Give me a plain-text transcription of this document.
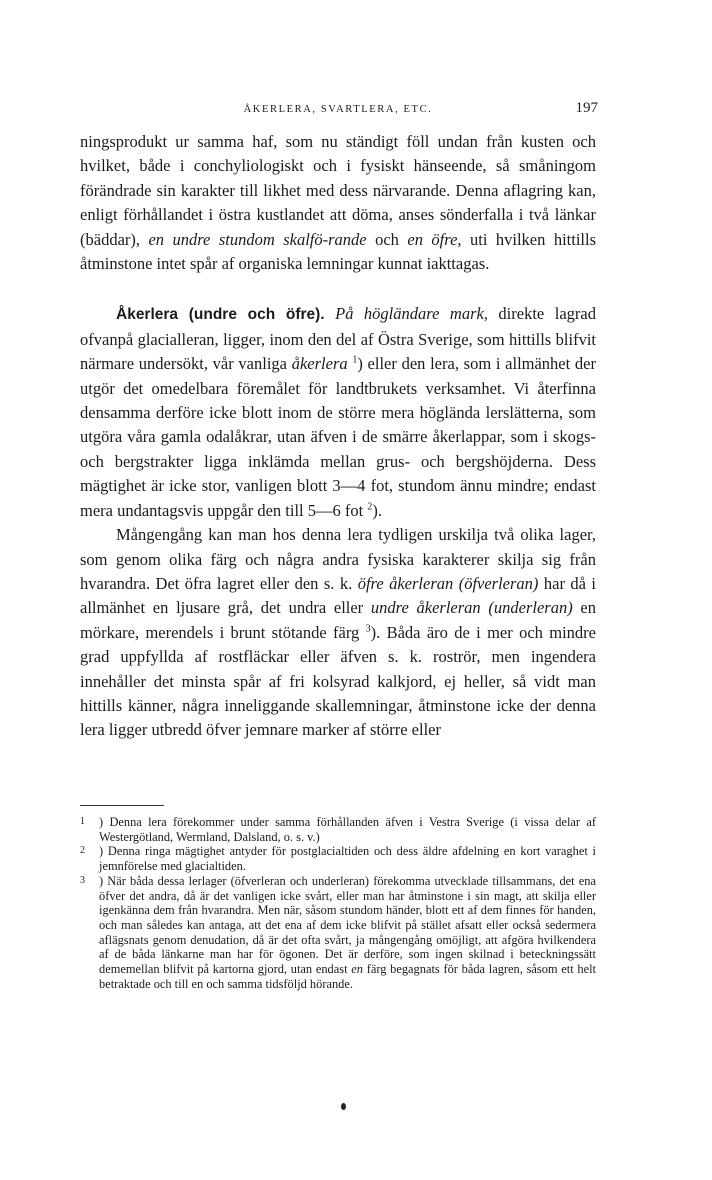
ÅKERLERA, SVARTLERA, ETC.	197

ningsprodukt ur samma haf, som nu ständigt föll undan från kusten och hvilket, både i conchyliologiskt och i fysiskt hänseende, så småningom förändrade sin karakter till likhet med dess närvarande. Denna aflagring kan, enligt förhållandet i östra kustlandet att döma, anses sönderfalla i två länkar (bäddar), en undre stundom skalfö-rande och en öfre, uti hvilken hittills åtminstone intet spår af organiska lemningar kunnat iakttagas.

Åkerlera (undre och öfre). På högländare mark, direkte lagrad ofvanpå glacialleran, ligger, inom den del af Östra Sverige, som hittills blifvit närmare undersökt, vår vanliga åkerlera $^1$) eller den lera, som i allmänhet der utgör det omedelbara föremålet för landtbrukets verksamhet. Vi återfinna densamma derföre icke blott inom de större mera höglända lerslätterna, som utgöra våra gamla odalåkrar, utan äfven i de smärre åkerlappar, som i skogs- och bergstrakter ligga inklämda mellan grus- och bergshöjderna. Dess mägtighet är icke stor, vanligen blott 3—4 fot, stundom ännu mindre; endast mera undantagsvis uppgår den till 5—6 fot $^2$).

Mångengång kan man hos denna lera tydligen urskilja två olika lager, som genom olika färg och några andra fysiska karakterer skilja sig från hvarandra. Det öfra lagret eller den s. k. öfre åkerleran (öfverleran) har då i allmänhet en ljusare grå, det undra eller undre åkerleran (underleran) en mörkare, merendels i brunt stötande färg $^3$). Båda äro de i mer och mindre grad uppfyllda af rostfläckar eller äfven s. k. roströr, men ingendera innehåller det minsta spår af fri kolsyrad kalkjord, ej heller, så vidt man hittills känner, några inneliggande skallemningar, åtminstone icke der denna lera ligger utbredd öfver jemnare marker af större eller

1 ) Denna lera förekommer under samma förhållanden äfven i Vestra Sverige (i vissa delar af Westergötland, Wermland, Dalsland, o. s. v.)

2 ) Denna ringa mägtighet antyder för postglacialtiden och dess äldre afdelning en kort varaghet i jemnförelse med glacialtiden.

3 ) När båda dessa lerlager (öfverleran och underleran) förekomma utvecklade tillsammans, det ena öfver det andra, då är det vanligen icke svårt, eller man har åtminstone i sin magt, att skilja eller igenkänna dem från hvarandra. Men när, såsom stundom händer, blott ett af dem finnes för handen, och man således kan antaga, att det ena af dem icke blifvit på stället afsatt eller också sedermera aflägsnats genom denudation, då är det ofta svårt, ja mångengång omöjligt, att afgöra hvilkendera af de båda länkarne man har för ögonen. Det är derföre, som ingen skilnad i beteckningssätt dememellan blifvit på kartorna gjord, utan endast en färg begagnats för båda lagren, såsom ett helt betraktade och till en och samma tidsföljd hörande.
